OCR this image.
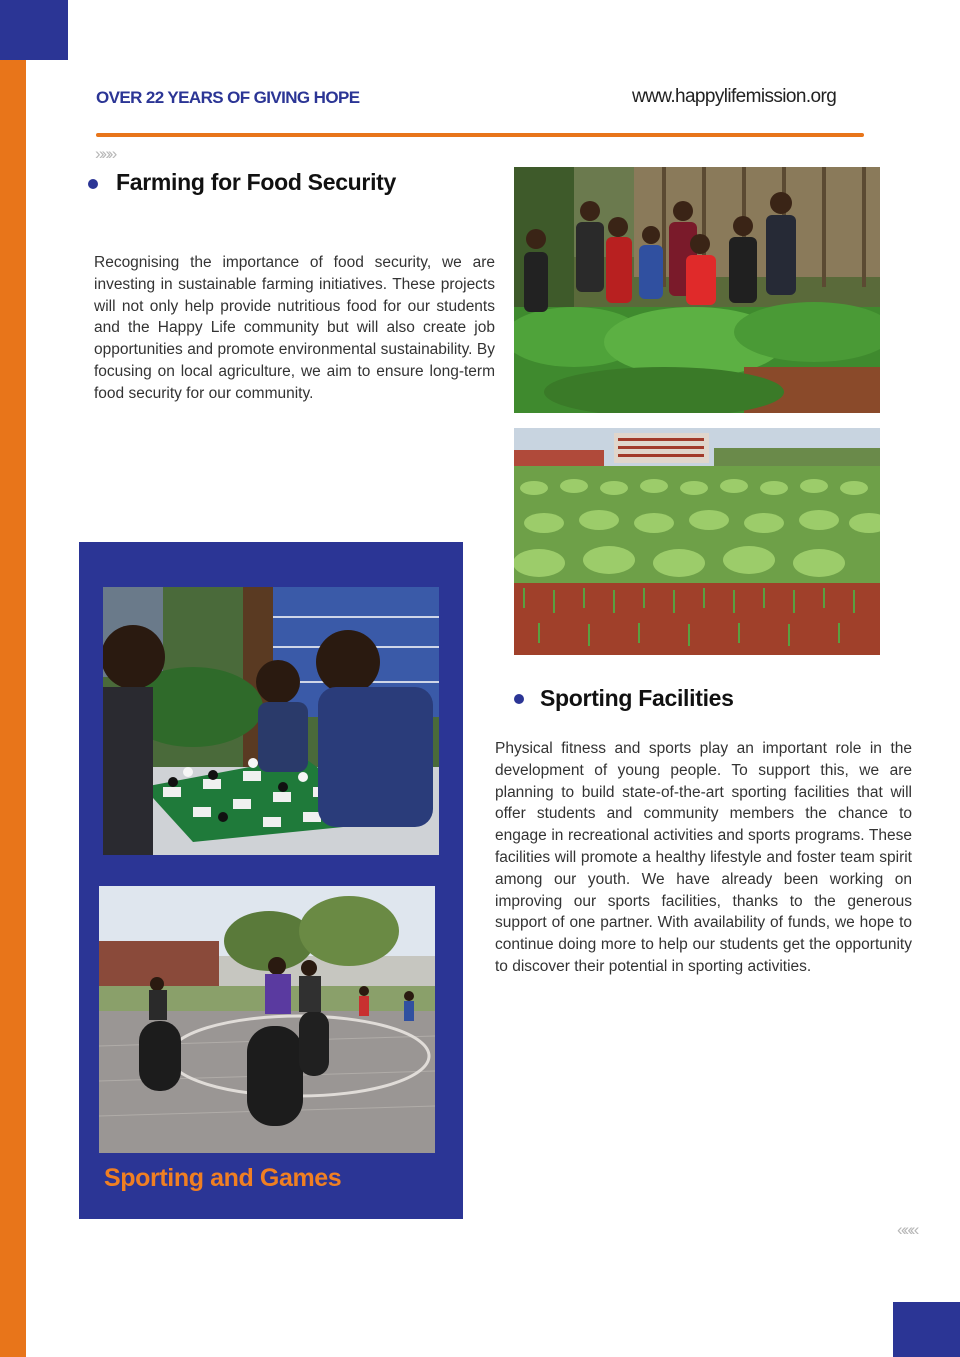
OVER 22 YEARS OF GIVING HOPE	www.happylifemission.org
»»»
Farming for Food Security

Recognising the importance of food security, we are investing in sustainable farming initiatives. These projects will not only help provide nutritious food for our students and the Happy Life community but will also create job opportunities and promote environmental sustainability. By focusing on local agriculture, we aim to ensure long-term food security for our community.

Sporting and Games
Sporting Facilities

Physical fitness and sports play an important role in the development of young people. To support this, we are planning to build state-of-the-art sporting facilities that will offer students and community members the chance to engage in recreational activities and sports programs. These facilities will promote a healthy lifestyle and foster team spirit among our youth. We have already been working on improving our sports facilities, thanks to the generous support of one partner. With availability of funds, we hope to continue doing more to help our students get the opportunity to discover their potential in sporting activities.

«««
